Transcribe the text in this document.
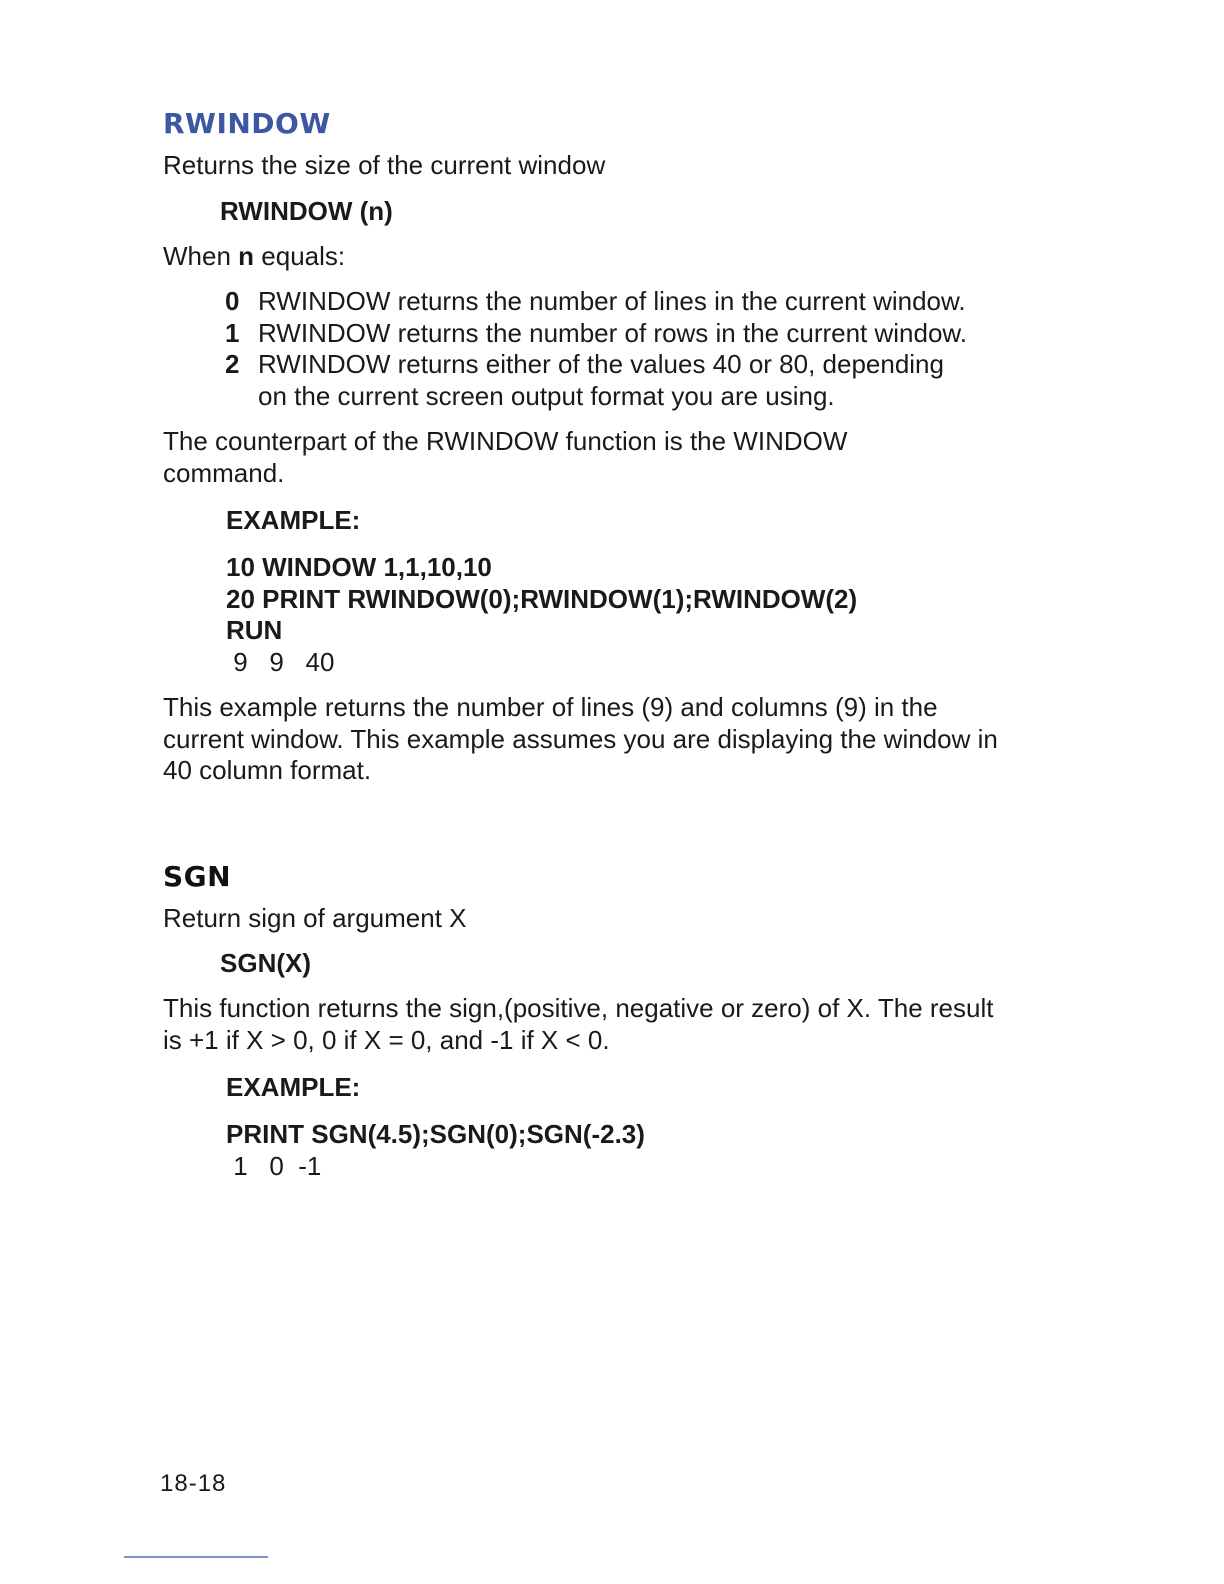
RWINDOW

Returns the size of the current window

RWINDOW (n)
When n equals:
0 RWINDOW returns the number of lines in the current window.
1 RWINDOW returns the number of rows in the current window.
2 RWINDOW returns either of the values 40 or 80, depending on the current screen output format you are using.

The counterpart of the RWINDOW function is the WINDOW command.

EXAMPLE:
10 WINDOW 1,1,10,10
20 PRINT RWINDOW(0);RWINDOW(1);RWINDOW(2)
RUN
9   9   40

This example returns the number of lines (9) and columns (9) in the current window. This example assumes you are displaying the window in 40 column format.

SGN

Return sign of argument X

SGN(X)

This function returns the sign,(positive, negative or zero) of X. The result is +1 if X > 0, 0 if X = 0, and -1 if X < 0.

EXAMPLE:
PRINT SGN(4.5);SGN(0);SGN(-2.3)
1   0  -1
18-18
